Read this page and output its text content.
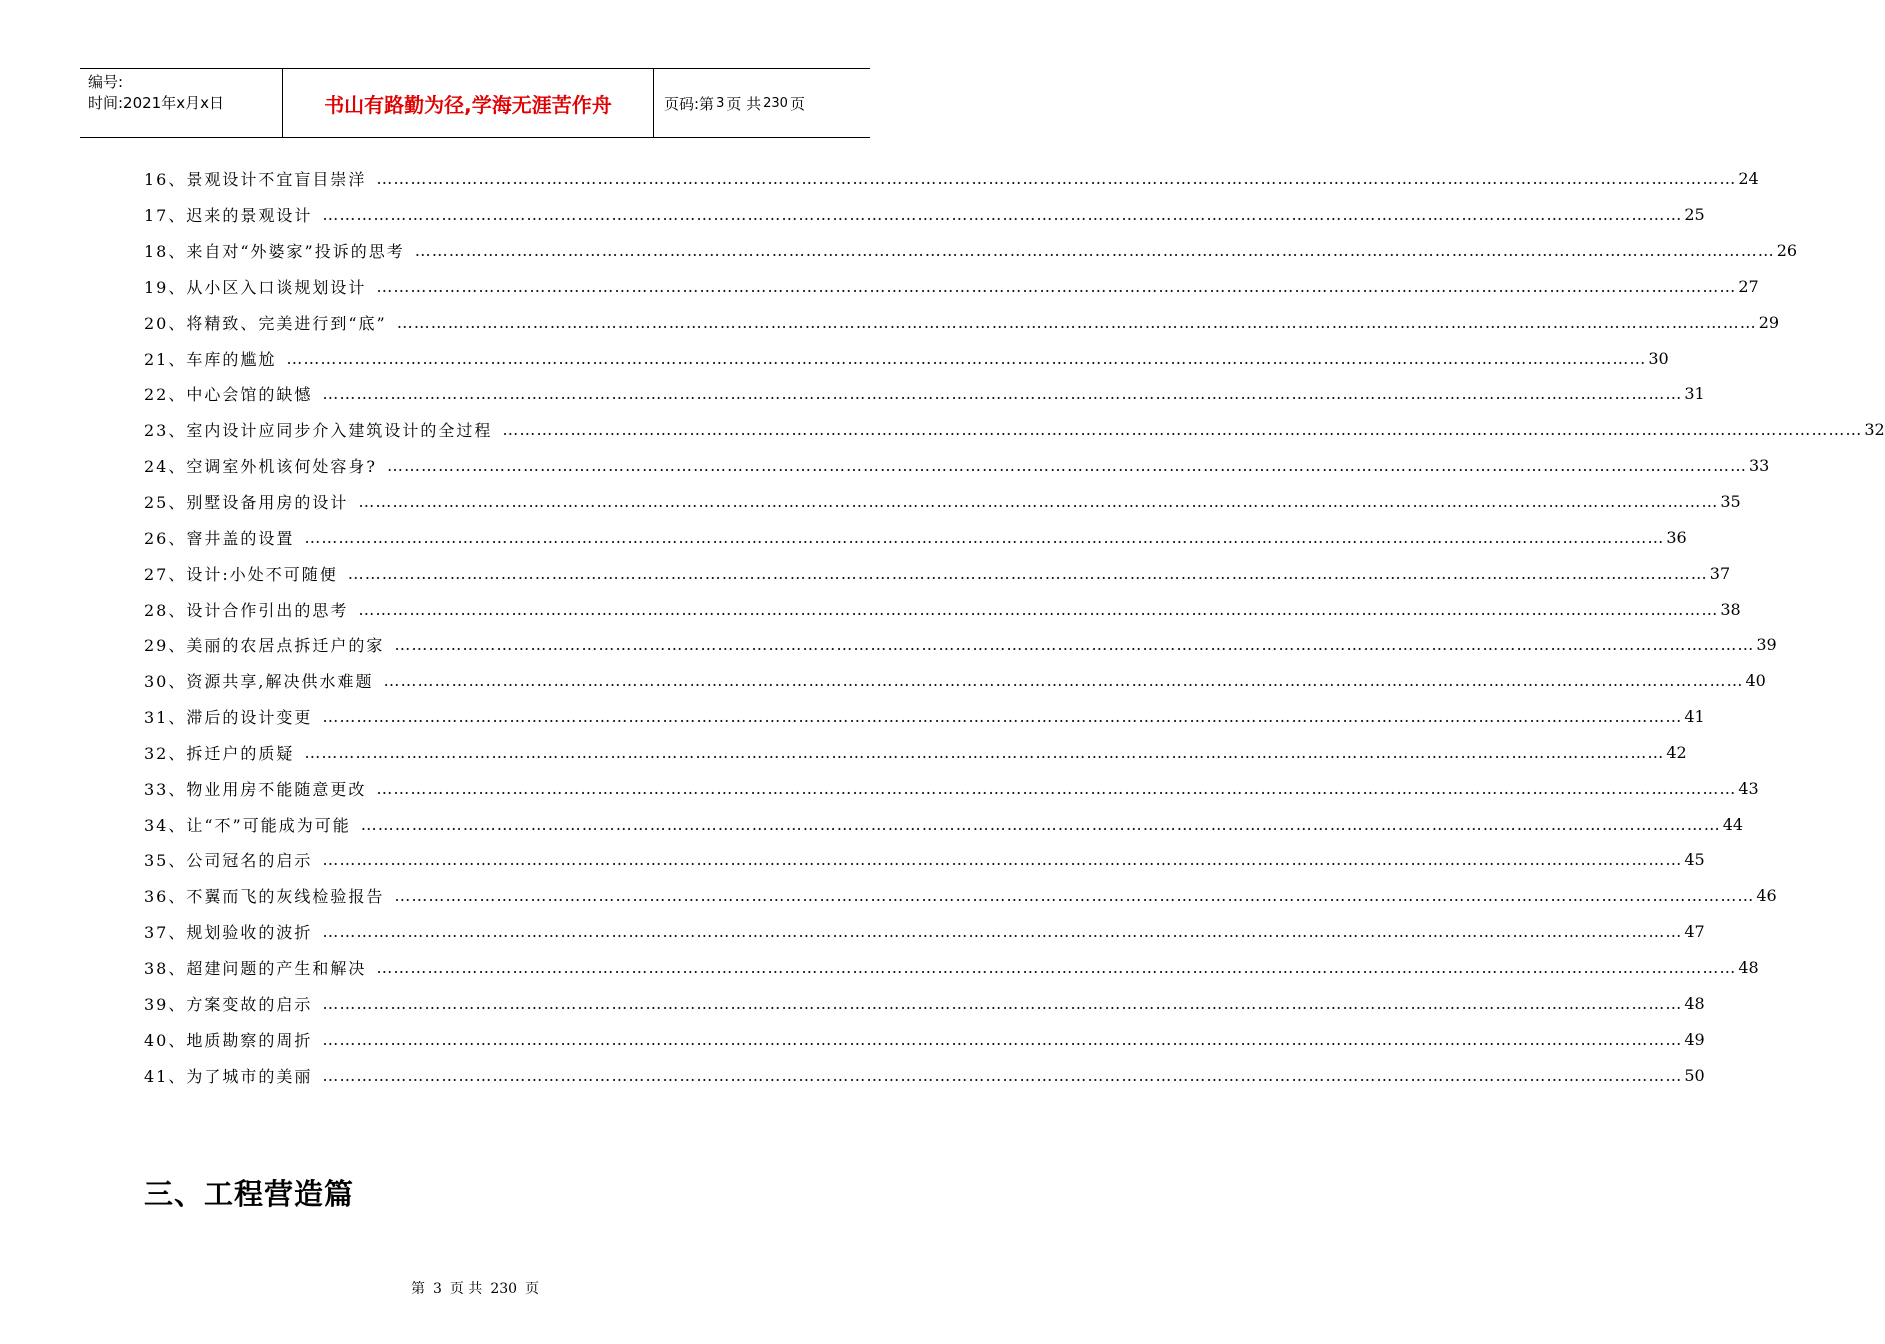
编号:
时间:2021年x月x日	书山有路勤为径,学海无涯苦作舟	页码:第 3 页 共 230 页
16、景观设计不宜盲目崇洋 …………………………………………………………………………………………………………………………………………………………………………………………………………………… 24
17、迟来的景观设计 …………………………………………………………………………………………………………………………………………………………………………………………………………………… 25
18、来自对“外婆家”投诉的思考 …………………………………………………………………………………………………………………………………………………………………………………………………………………… 26
19、从小区入口谈规划设计 …………………………………………………………………………………………………………………………………………………………………………………………………………………… 27
20、将精致、完美进行到“底” …………………………………………………………………………………………………………………………………………………………………………………………………………………… 29
21、车库的尴尬 …………………………………………………………………………………………………………………………………………………………………………………………………………………… 30
22、中心会馆的缺憾 …………………………………………………………………………………………………………………………………………………………………………………………………………………… 31
23、室内设计应同步介入建筑设计的全过程 …………………………………………………………………………………………………………………………………………………………………………………………………………………… 32
24、空调室外机该何处容身? …………………………………………………………………………………………………………………………………………………………………………………………………………………… 33
25、别墅设备用房的设计 …………………………………………………………………………………………………………………………………………………………………………………………………………………… 35
26、窨井盖的设置 …………………………………………………………………………………………………………………………………………………………………………………………………………………… 36
27、设计:小处不可随便 …………………………………………………………………………………………………………………………………………………………………………………………………………………… 37
28、设计合作引出的思考 …………………………………………………………………………………………………………………………………………………………………………………………………………………… 38
29、美丽的农居点拆迁户的家 …………………………………………………………………………………………………………………………………………………………………………………………………………………… 39
30、资源共享,解决供水难题 …………………………………………………………………………………………………………………………………………………………………………………………………………………… 40
31、滞后的设计变更 …………………………………………………………………………………………………………………………………………………………………………………………………………………… 41
32、拆迁户的质疑 …………………………………………………………………………………………………………………………………………………………………………………………………………………… 42
33、物业用房不能随意更改 …………………………………………………………………………………………………………………………………………………………………………………………………………………… 43
34、让“不”可能成为可能 …………………………………………………………………………………………………………………………………………………………………………………………………………………… 44
35、公司冠名的启示 …………………………………………………………………………………………………………………………………………………………………………………………………………………… 45
36、不翼而飞的灰线检验报告 …………………………………………………………………………………………………………………………………………………………………………………………………………………… 46
37、规划验收的波折 …………………………………………………………………………………………………………………………………………………………………………………………………………………… 47
38、超建问题的产生和解决 …………………………………………………………………………………………………………………………………………………………………………………………………………………… 48
39、方案变故的启示 …………………………………………………………………………………………………………………………………………………………………………………………………………………… 48
40、地质勘察的周折 …………………………………………………………………………………………………………………………………………………………………………………………………………………… 49
41、为了城市的美丽 …………………………………………………………………………………………………………………………………………………………………………………………………………………… 50
三、工程营造篇
第 3 页 共 230 页
